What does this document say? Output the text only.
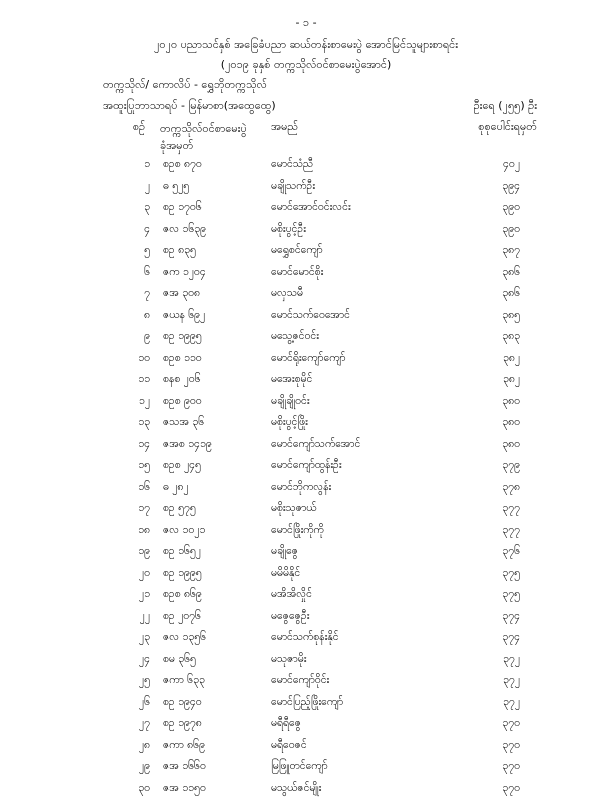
- ၁ -
၂၀၂၀ ပညာသင်နှစ် အခြေခံပညာ ဆယ်တန်းစာမေးပွဲ အောင်မြင်သူများစာရင်း
(၂၀၁၉ ခုနှစ် တက္ကသိုလ်ဝင်စာမေးပွဲအောင်)
တက္ကသိုလ်/ ကောလိပ် - ရွှေဘိုတက္ကသိုလ်
အထူးပြုဘာသာရပ် - မြန်မာစာ(အထွေထွေ)	ဦးရေ (၂၅၅) ဦး
စဉ်	တက္ကသိုလ်ဝင်စာမေးပွဲ ခုံအမှတ်
အမည်	စုစုပေါင်းရမှတ်
၁ စဥစ ၈၇၀	မောင်သံညီ	၄၀၂
၂ ဓ ၅၂၅	မချိုသက်ဦး	၃၉၄
၃ စဥ ၁၇၀၆	မောင်အောင်ဝင်းလင်း	၃၉၀
၄ ဇလ ၁၆၃၉	မစိုးပွင့်ဦး	၃၉၀
၅ စဥ ၈၃၅	မရွှေစင်ကျော်	၃၈၇
၆ ဇက ၁၂၀၄	မောင်မောင်စိုး	၃၈၆
၇ ဇအ ၃၀၈	မလှသမီ	၃၈၆
၈ ဇယန ၆၉၂	မောင်သက်ဝေအောင်	၃၈၅
၉ စဥ ၁၉၉၅	မသွေ့ဇင်ဝင်း	၃၈၃
၁၀ စဥစ ၁၁၀	မောင်ရိုးကျော်ကျော်	၃၈၂
၁၁ စနစ ၂၀၆	မအေးစုမိုင်	၃၈၂
၁၂ စဥစ ၉၀၀	မချိုချိုဝင်း	၃၈၀
၁၃ ဇသအ ၃၆	မစိုးပွင့်ဖြိုး	၃၈၀
၁၄ ဇအစ ၁၄၁၉	မောင်ကျော်သက်အောင်	၃၈၀
၁၅ စဥစ ၂၄၅	မောင်ကျော်ထွန်းဦး	၃၇၉
၁၆ ဓ ၂၈၂	မောင်ဘိုကလွန်း	၃၇၈
၁၇ စဥ ၅၇၅	မစိုးသုဇာယ်	၃၇၇
၁၈ ဇလ ၁၀၂၁	မောင်ဖြိုးကိုကို	၃၇၇
၁၉ စဥ ၁၆၅၂	မချိုဇွေ	၃၇၆
၂၀ စဥ ၁၉၉၅	မမိမိနိုင်	၃၇၅
၂၁ စဥစ ၈၆၉	မအိအိလှိုင်	၃၇၅
၂၂ စဥ ၂၀၇၆	မဇွေဇွေဦး	၃၇၄
၂၃ ဇလ ၁၃၅၆	မောင်သက်စုန်းနိုင်	၃၇၄
၂၄ စမ ၃၆၅	မသုဇာမိုး	၃၇၂
၂၅ ဇကာ ၆၃၃	မောင်ကျော်ဝိုင်း	၃၇၂
၂၆ စဥ ၁၉၄၀	မောင်ပြည့်ဖြိုးကျော်	၃၇၂
၂၇ စဥ ၁၉၇၈	မရီရီဇွေ	၃၇၀
၂၈ ဇကာ ၈၆၉	မရီဝေဇင်	၃၇၀
၂၉ ဇအ ၁၆၆၀	မြဖြူတင်ကျော်	၃၇၀
၃၀ ဇအ ၁၁၅၀	မသွယ်ဇင်မျိုး	၃၇၀
